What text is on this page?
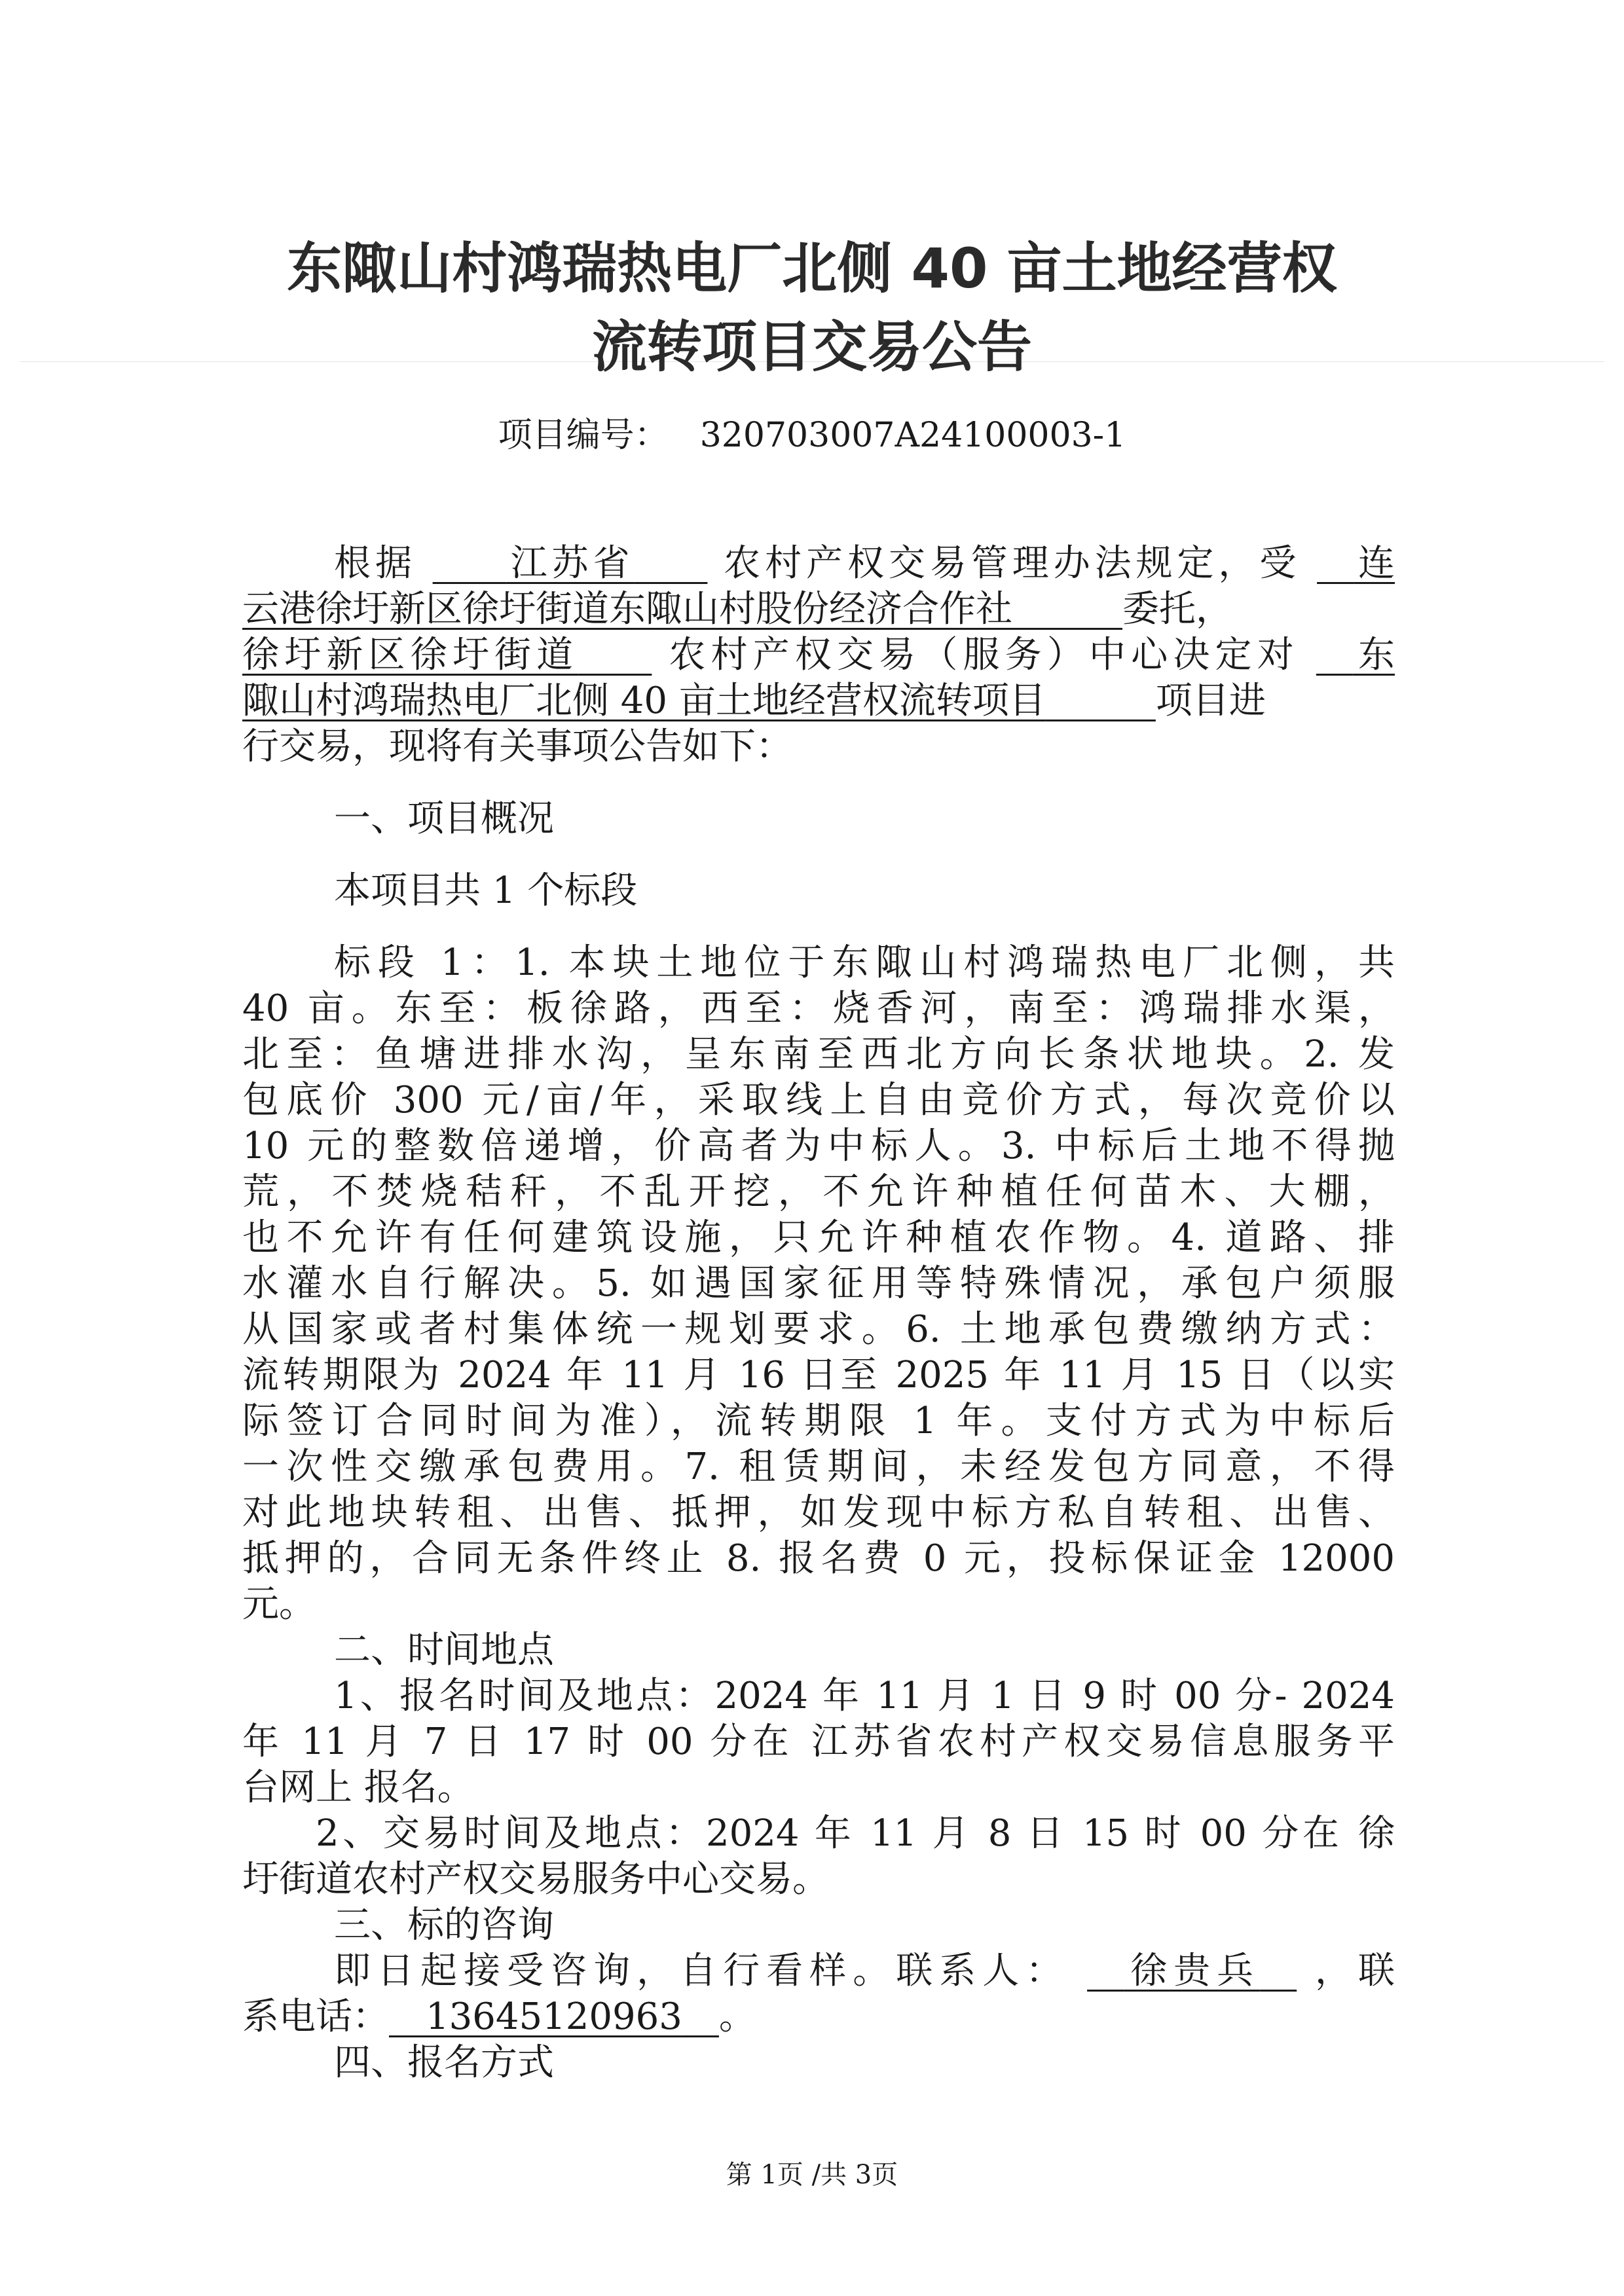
东陬山村鸿瑞热电厂北侧 40 亩土地经营权
流转项目交易公告
项目编号： 320703007A24100003-1
根据    江苏省   农村产权交易管理办法规定，受   连
云港徐圩新区徐圩街道东陬山村股份经济合作社   	委托，
徐圩新区徐圩街道   农村产权交易（服务）中心决定对   东
陬山村鸿瑞热电厂北侧 40 亩土地经营权流转项目   	项目进
行交易，现将有关事项公告如下：
一、项目概况
本项目共 1 个标段
标段 1：1. 本块土地位于东陬山村鸿瑞热电厂北侧，共
40 亩。东至：板徐路，西至：烧香河，南至：鸿瑞排水渠，
北至：鱼塘进排水沟，呈东南至西北方向长条状地块。2. 发
包底价 300 元/亩/年，采取线上自由竞价方式，每次竞价以
10 元的整数倍递增，价高者为中标人。3. 中标后土地不得抛
荒，不焚烧秸秆，不乱开挖，不允许种植任何苗木、大棚，
也不允许有任何建筑设施，只允许种植农作物。4. 道路、排
水灌水自行解决。5. 如遇国家征用等特殊情况，承包户须服
从国家或者村集体统一规划要求。6. 土地承包费缴纳方式：
流转期限为 2024 年 11 月 16 日至 2025 年 11 月 15 日（以实
际签订合同时间为准），流转期限 1 年。支付方式为中标后
一次性交缴承包费用。7. 租赁期间，未经发包方同意，不得
对此地块转租、出售、抵押，如发现中标方私自转租、出售、
抵押的，合同无条件终止 8. 报名费 0 元，投标保证金 12000
元。
二、时间地点
1、报名时间及地点：2024 年 11 月 1 日 9 时 00 分- 2024
年 11 月 7 日 17 时 00 分在 江苏省农村产权交易信息服务平
台网上 报名。
2、交易时间及地点：2024 年 11 月 8 日 15 时 00 分在 徐
圩街道农村产权交易服务中心交易。
三、标的咨询
即日起接受咨询，自行看样。联系人：   徐贵兵  ，联
系电话：  13645120963  。
四、报名方式
第 1页 /共 3页
